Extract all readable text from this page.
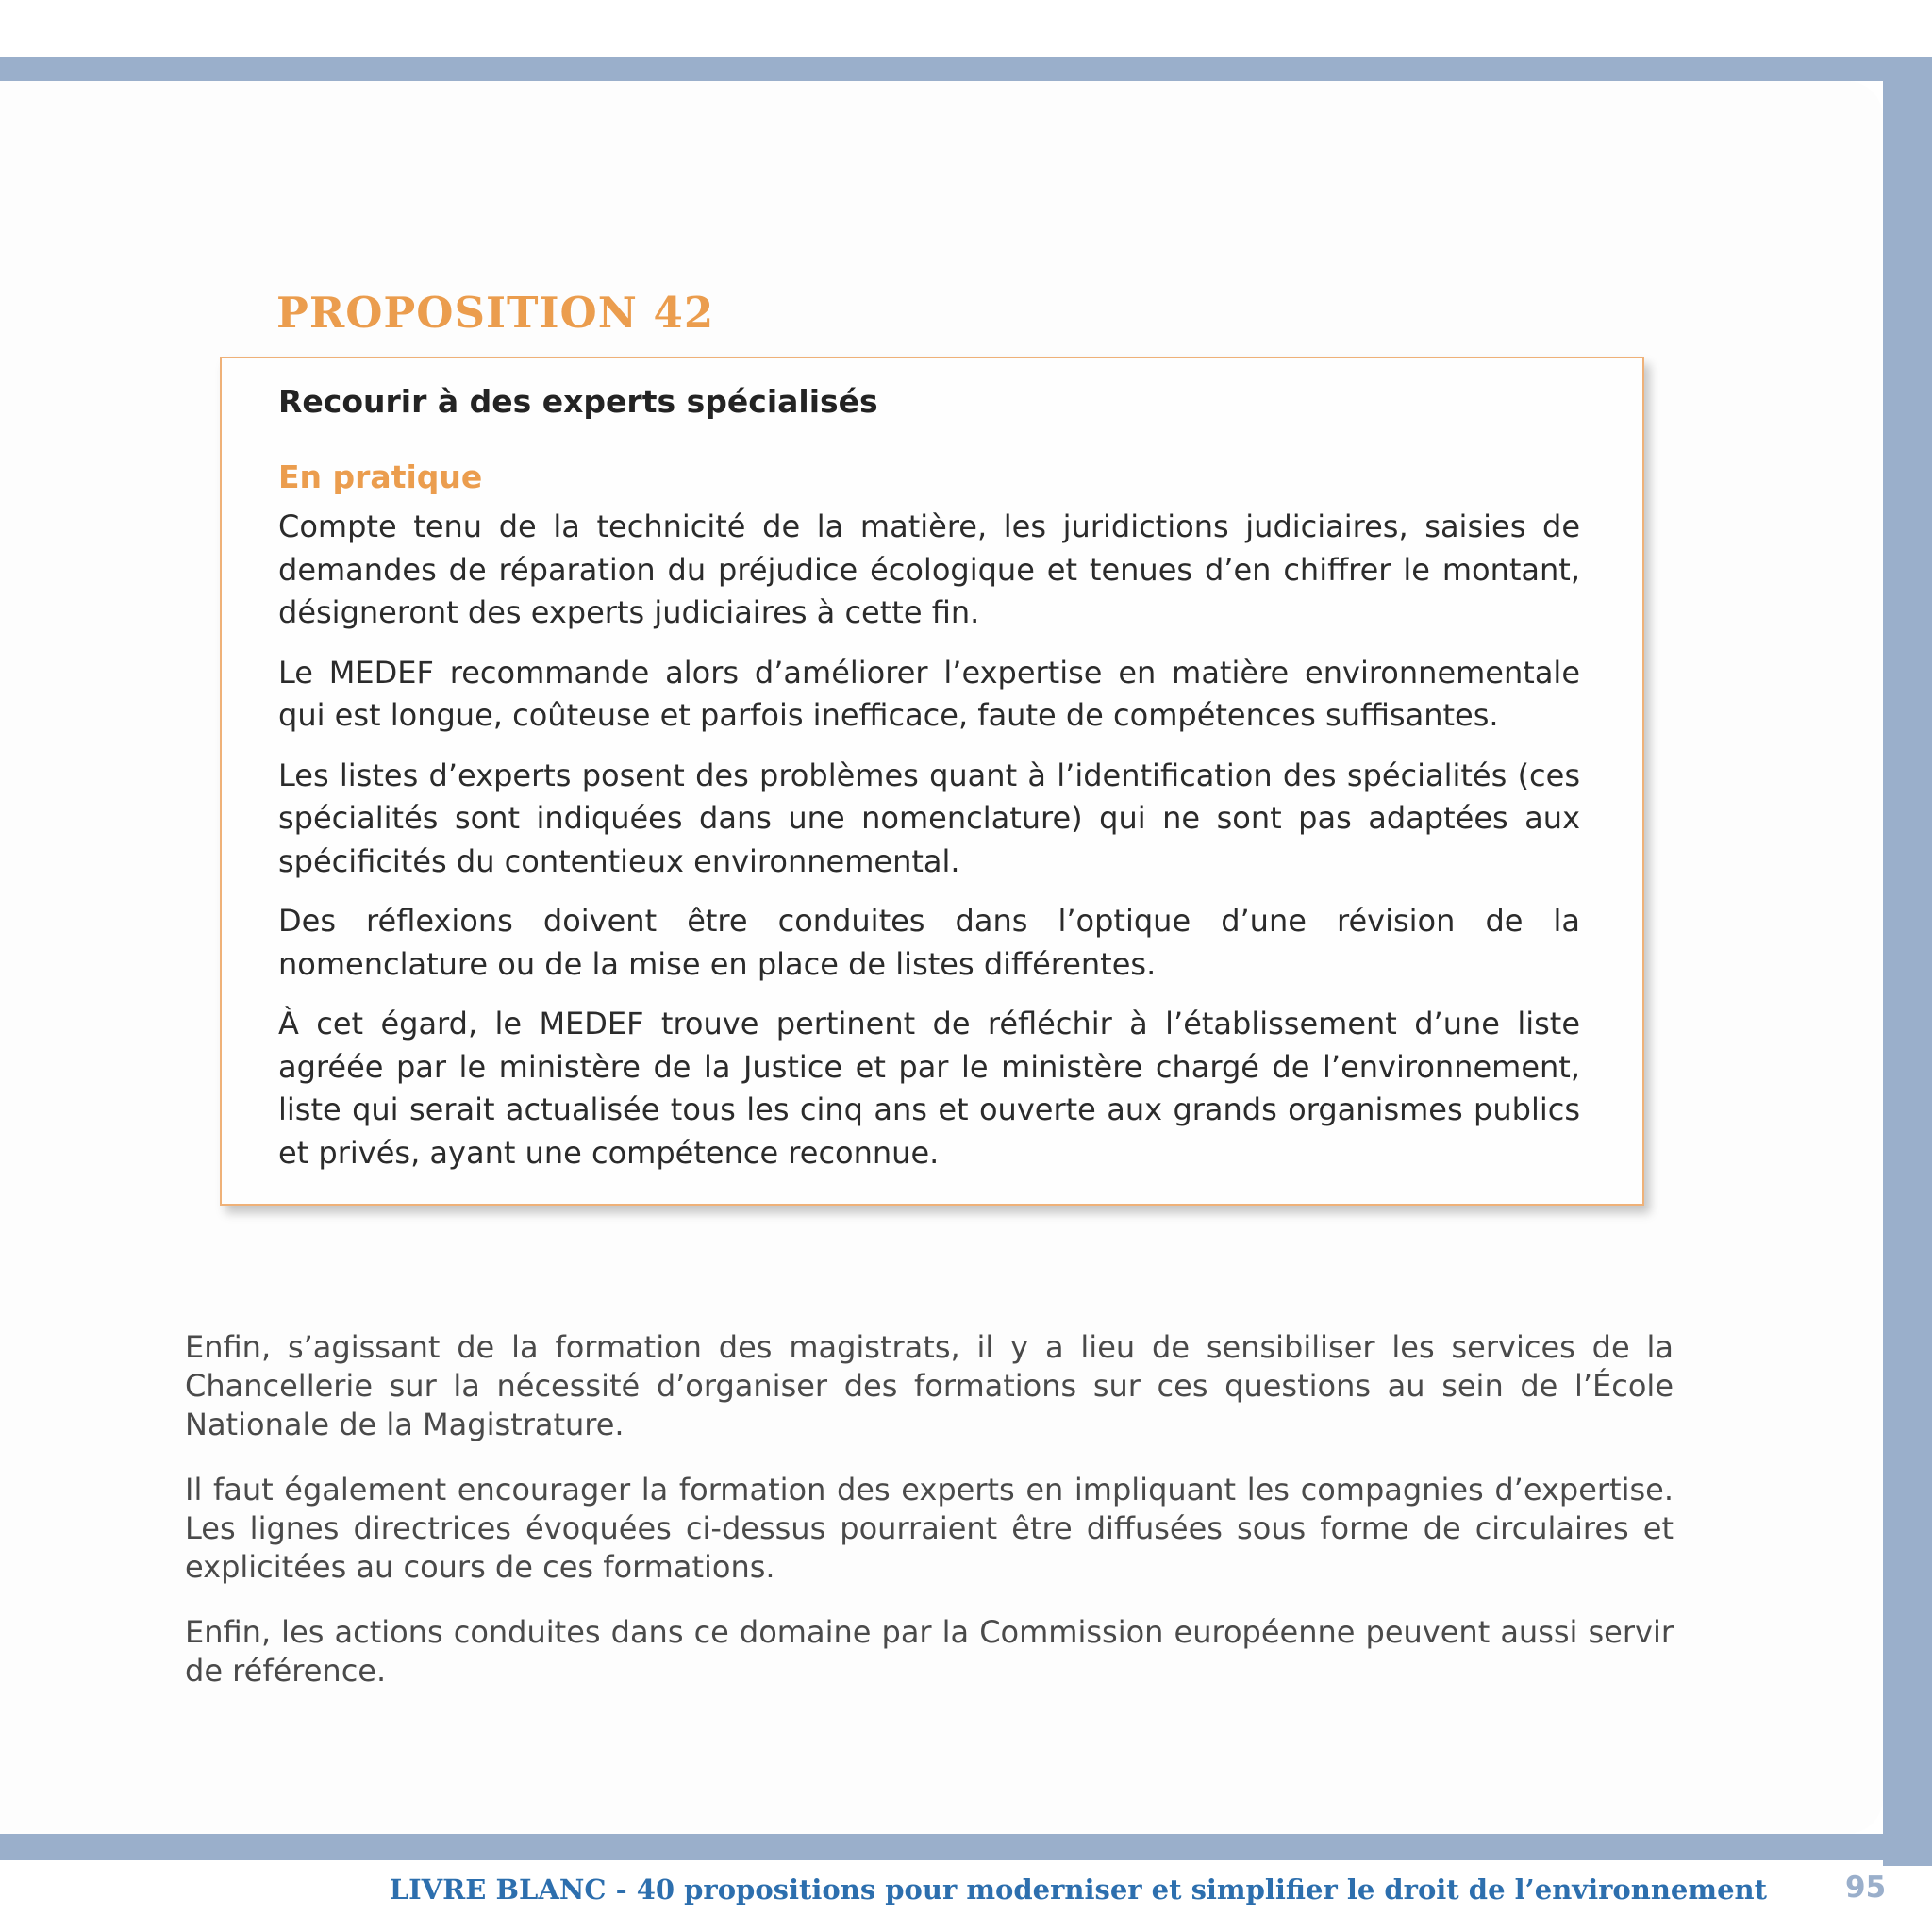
PROPOSITION 42
Recourir à des experts spécialisés
En pratique

Compte tenu de la technicité de la matière, les juridictions judiciaires, saisies de demandes de réparation du préjudice écologique et tenues d’en chiffrer le montant, désigneront des experts judiciaires à cette fin.

Le MEDEF recommande alors d’améliorer l’expertise en matière environnementale qui est longue, coûteuse et parfois inefficace, faute de compétences suffisantes.

Les listes d’experts posent des problèmes quant à l’identification des spécialités (ces spécialités sont indiquées dans une nomenclature) qui ne sont pas adaptées aux spécificités du contentieux environnemental.

Des réflexions doivent être conduites dans l’optique d’une révision de la nomenclature ou de la mise en place de listes différentes.

À cet égard, le MEDEF trouve pertinent de réfléchir à l’établissement d’une liste agréée par le ministère de la Justice et par le ministère chargé de l’environnement, liste qui serait actualisée tous les cinq ans et ouverte aux grands organismes publics et privés, ayant une compétence reconnue.

Enfin, s’agissant de la formation des magistrats, il y a lieu de sensibiliser les services de la Chancellerie sur la nécessité d’organiser des formations sur ces questions au sein de l’École Nationale de la Magistrature.

Il faut également encourager la formation des experts en impliquant les compagnies d’expertise. Les lignes directrices évoquées ci-dessus pourraient être diffusées sous forme de circulaires et explicitées au cours de ces formations.

Enfin, les actions conduites dans ce domaine par la Commission européenne peuvent aussi servir de référence.

LIVRE BLANC - 40 propositions pour moderniser et simplifier le droit de l’environnement	95
